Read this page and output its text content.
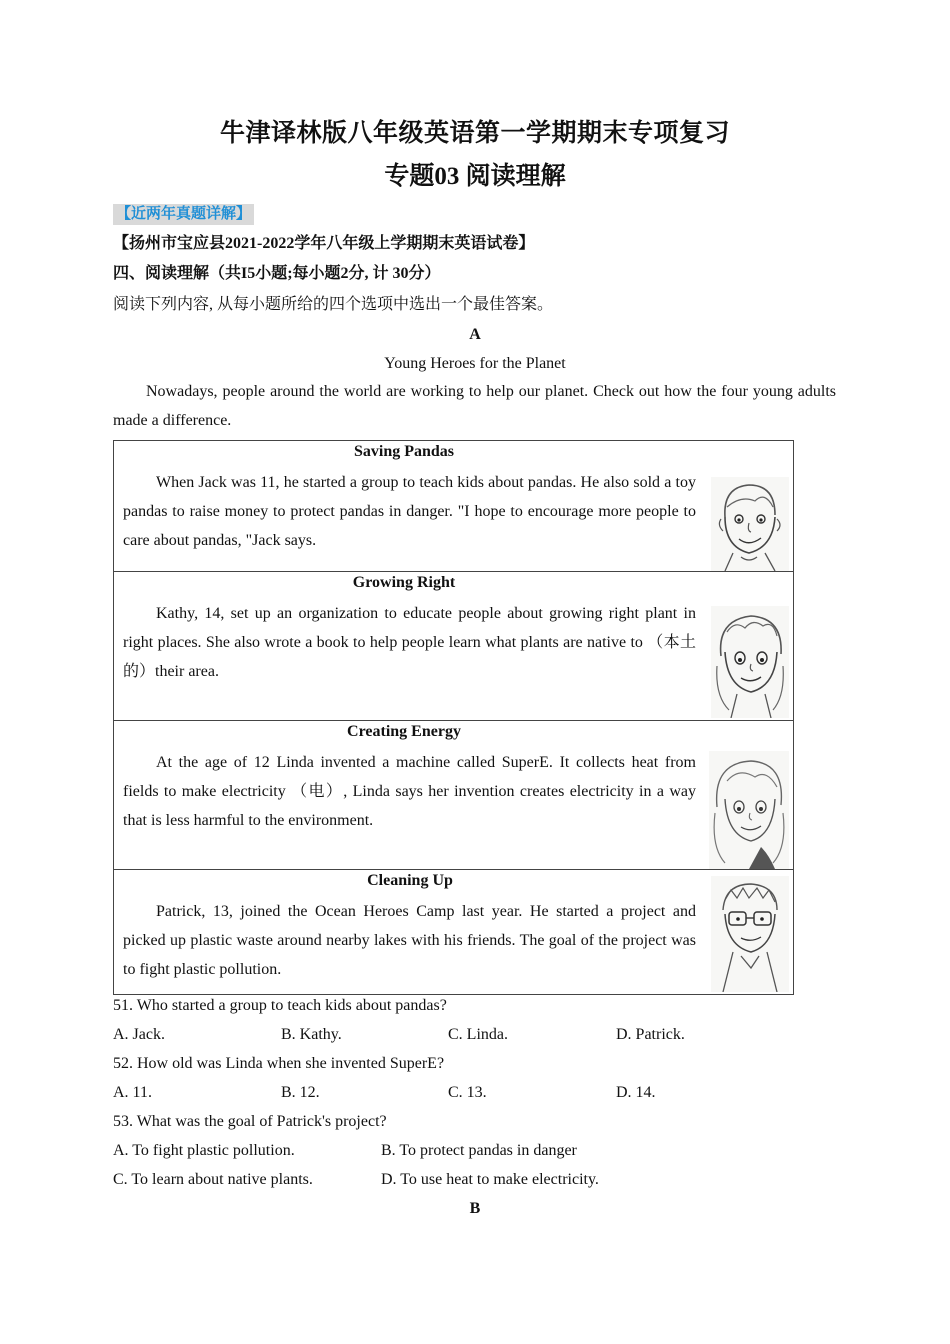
牛津译林版八年级英语第一学期期末专项复习
专题03 阅读理解
【近两年真题详解】
【扬州市宝应县2021-2022学年八年级上学期期末英语试卷】
四、阅读理解（共I5小题;每小题2分, 计 30分）
阅读下列内容, 从每小题所给的四个选项中选出一个最佳答案。
A
Young Heroes for the Planet
Nowadays, people around the world are working to help our planet. Check out how the four young adults made a difference.
Saving Pandas
When Jack was 11, he started a group to teach kids about pandas. He also sold a toy pandas to raise money to protect pandas in danger. "I hope to encourage more people to care about pandas, "Jack says.

Growing Right
Kathy, 14, set up an organization to educate people about growing right plant in right places. She also wrote a book to help people learn what plants are native to （本土的）their area.

Creating Energy
At the age of 12 Linda invented a machine called SuperE. It collects heat from fields to make electricity （电）, Linda says her invention creates electricity in a way that is less harmful to the environment.

Cleaning Up
Patrick, 13, joined the Ocean Heroes Camp last year. He started a project and picked up plastic waste around nearby lakes with his friends. The goal of the project was to fight plastic pollution.
51. Who started a group to teach kids about pandas?
A. Jack.	B. Kathy.	C. Linda.	D. Patrick.
52. How old was Linda when she invented SuperE?
A. 11.	B. 12.	C. 13.	D. 14.
53. What was the goal of Patrick's project?
A. To fight plastic pollution.	B. To protect pandas in danger
C. To learn about native plants.	D. To use heat to make electricity.
B
